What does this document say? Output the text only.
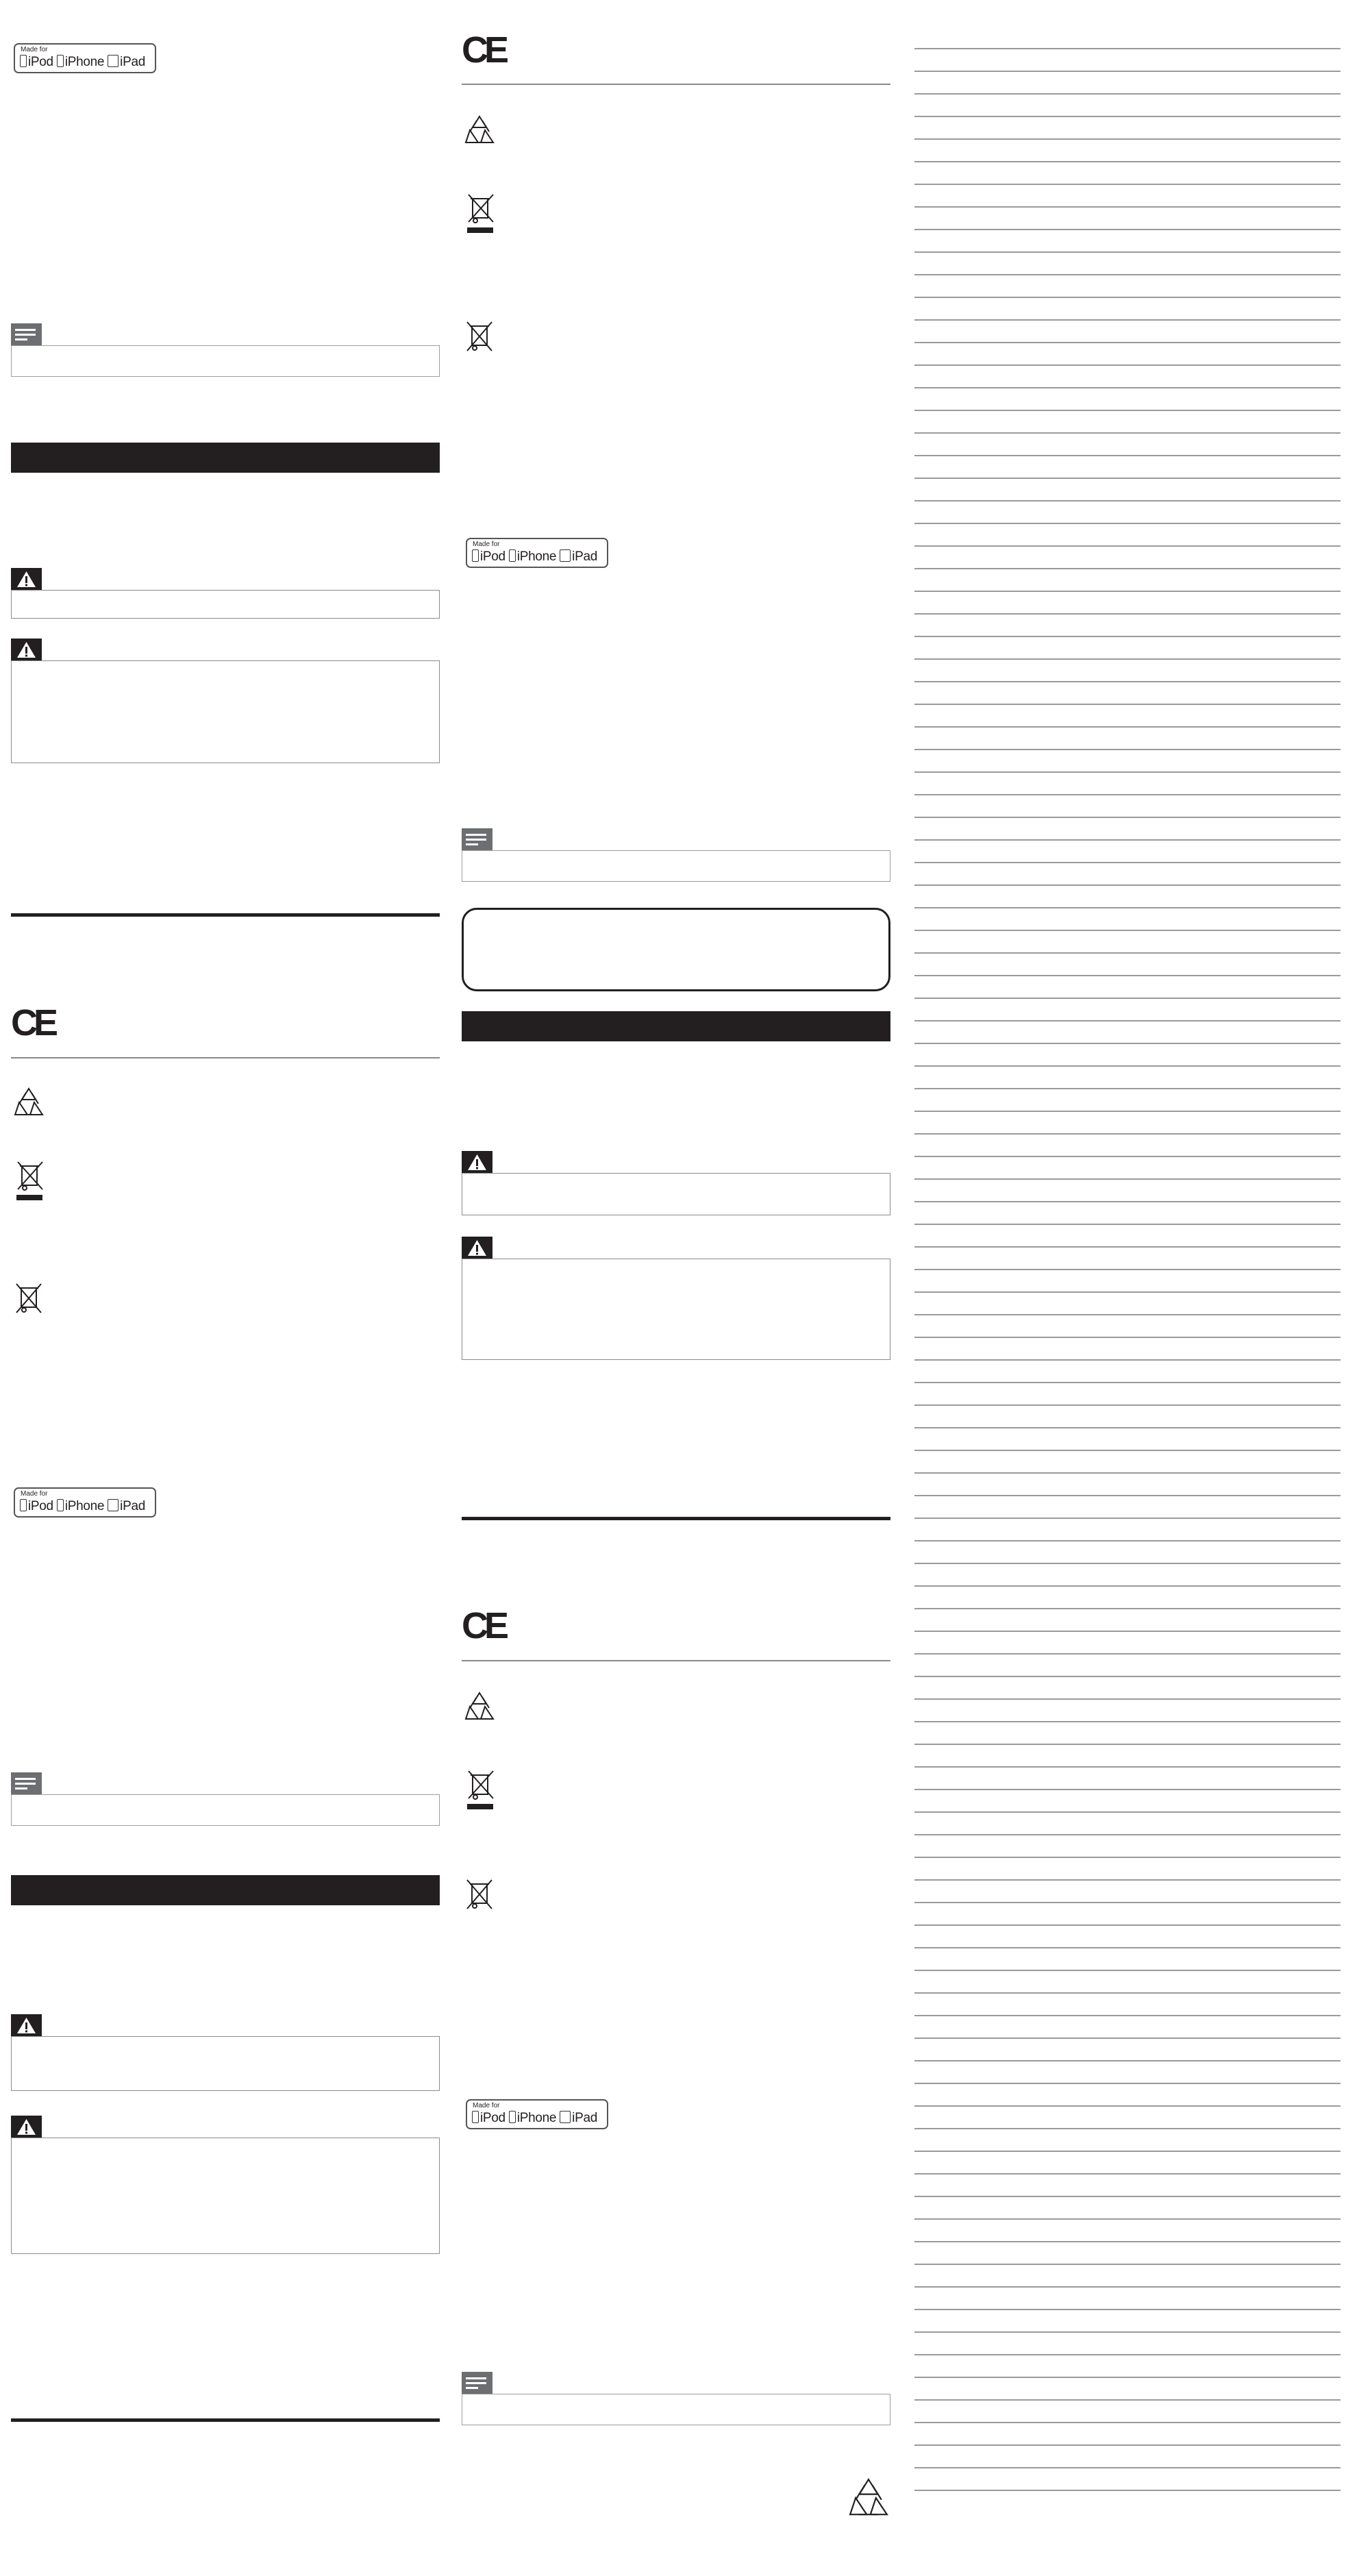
Made for
iPod iPhone iPad
CE
Made for
iPod iPhone iPad
CE
Made for
iPod iPhone iPad
CE
Made for
iPod iPhone iPad
